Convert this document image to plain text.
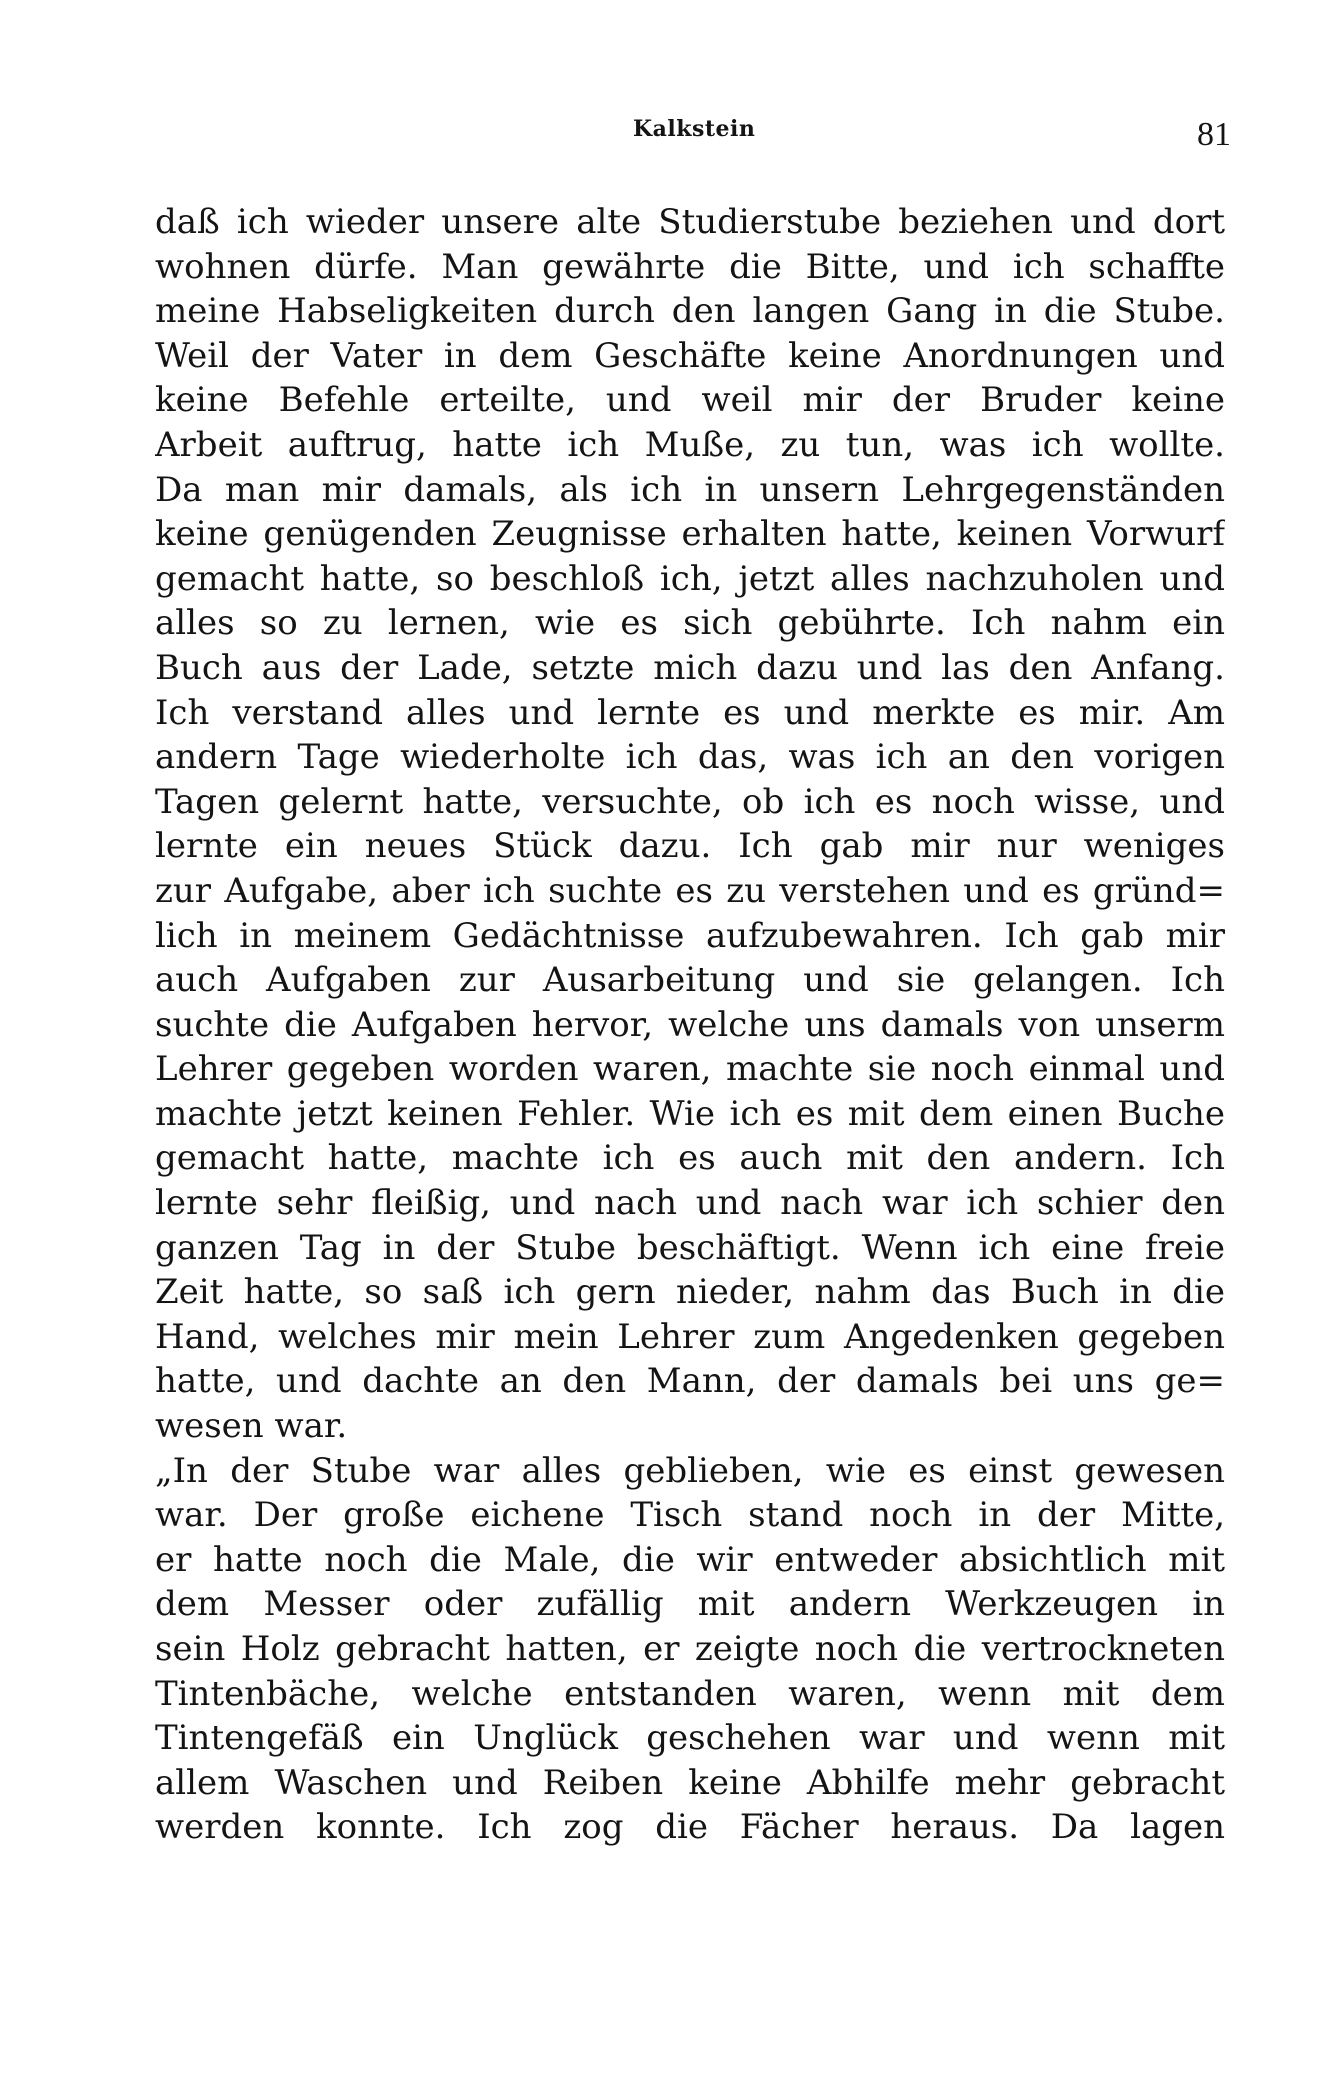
Kalkstein	81
daß ich wieder unsere alte Studierstube beziehen und dort
wohnen dürfe. Man gewährte die Bitte, und ich schaffte
meine Habseligkeiten durch den langen Gang in die Stube.
Weil der Vater in dem Geschäfte keine Anordnungen und
keine Befehle erteilte, und weil mir der Bruder keine
Arbeit auftrug, hatte ich Muße, zu tun, was ich wollte.
Da man mir damals, als ich in unsern Lehrgegenständen
keine genügenden Zeugnisse erhalten hatte, keinen Vorwurf
gemacht hatte, so beschloß ich, jetzt alles nachzuholen und
alles so zu lernen, wie es sich gebührte. Ich nahm ein
Buch aus der Lade, setzte mich dazu und las den Anfang.
Ich verstand alles und lernte es und merkte es mir. Am
andern Tage wiederholte ich das, was ich an den vorigen
Tagen gelernt hatte, versuchte, ob ich es noch wisse, und
lernte ein neues Stück dazu. Ich gab mir nur weniges
zur Aufgabe, aber ich suchte es zu verstehen und es gründ=
lich in meinem Gedächtnisse aufzubewahren. Ich gab mir
auch Aufgaben zur Ausarbeitung und sie gelangen. Ich
suchte die Aufgaben hervor, welche uns damals von unserm
Lehrer gegeben worden waren, machte sie noch einmal und
machte jetzt keinen Fehler. Wie ich es mit dem einen Buche
gemacht hatte, machte ich es auch mit den andern. Ich
lernte sehr fleißig, und nach und nach war ich schier den
ganzen Tag in der Stube beschäftigt. Wenn ich eine freie
Zeit hatte, so saß ich gern nieder, nahm das Buch in die
Hand, welches mir mein Lehrer zum Angedenken gegeben
hatte, und dachte an den Mann, der damals bei uns ge=
wesen war.
„In der Stube war alles geblieben, wie es einst gewesen
war. Der große eichene Tisch stand noch in der Mitte,
er hatte noch die Male, die wir entweder absichtlich mit
dem Messer oder zufällig mit andern Werkzeugen in
sein Holz gebracht hatten, er zeigte noch die vertrockneten
Tintenbäche, welche entstanden waren, wenn mit dem
Tintengefäß ein Unglück geschehen war und wenn mit
allem Waschen und Reiben keine Abhilfe mehr gebracht
werden konnte. Ich zog die Fächer heraus. Da lagen
